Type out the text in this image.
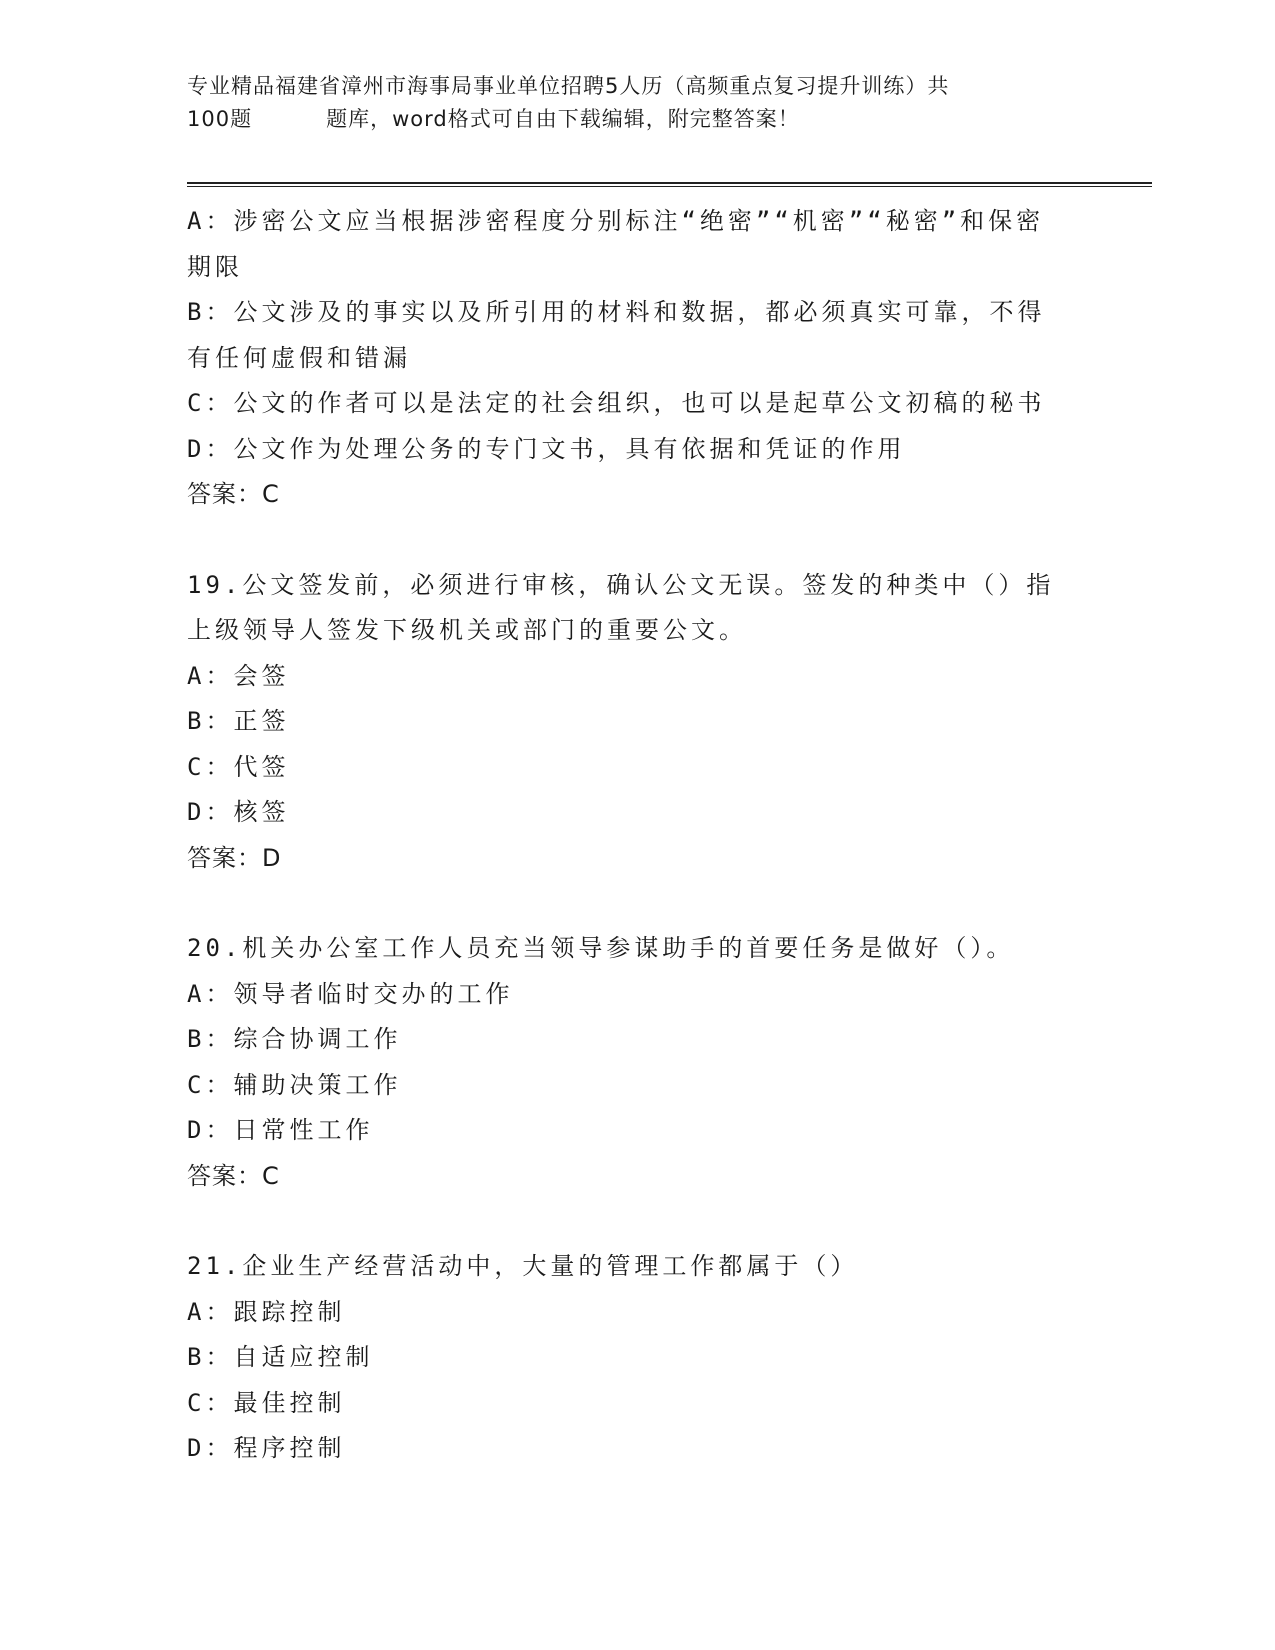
专业精品福建省漳州市海事局事业单位招聘5人历（高频重点复习提升训练）共
100题	题库，word格式可自由下载编辑，附完整答案！

A：涉密公文应当根据涉密程度分别标注“绝密”“机密”“秘密”和保密期限

B：公文涉及的事实以及所引用的材料和数据，都必须真实可靠，不得有任何虚假和错漏

C：公文的作者可以是法定的社会组织，也可以是起草公文初稿的秘书

D：公文作为处理公务的专门文书，具有依据和凭证的作用

答案：C

19.公文签发前，必须进行审核，确认公文无误。签发的种类中（）指上级领导人签发下级机关或部门的重要公文。

A：会签

B：正签

C：代签

D：核签

答案：D

20.机关办公室工作人员充当领导参谋助手的首要任务是做好（）。

A：领导者临时交办的工作

B：综合协调工作

C：辅助决策工作

D：日常性工作

答案：C

21.企业生产经营活动中，大量的管理工作都属于（）

A：跟踪控制

B：自适应控制

C：最佳控制

D：程序控制
